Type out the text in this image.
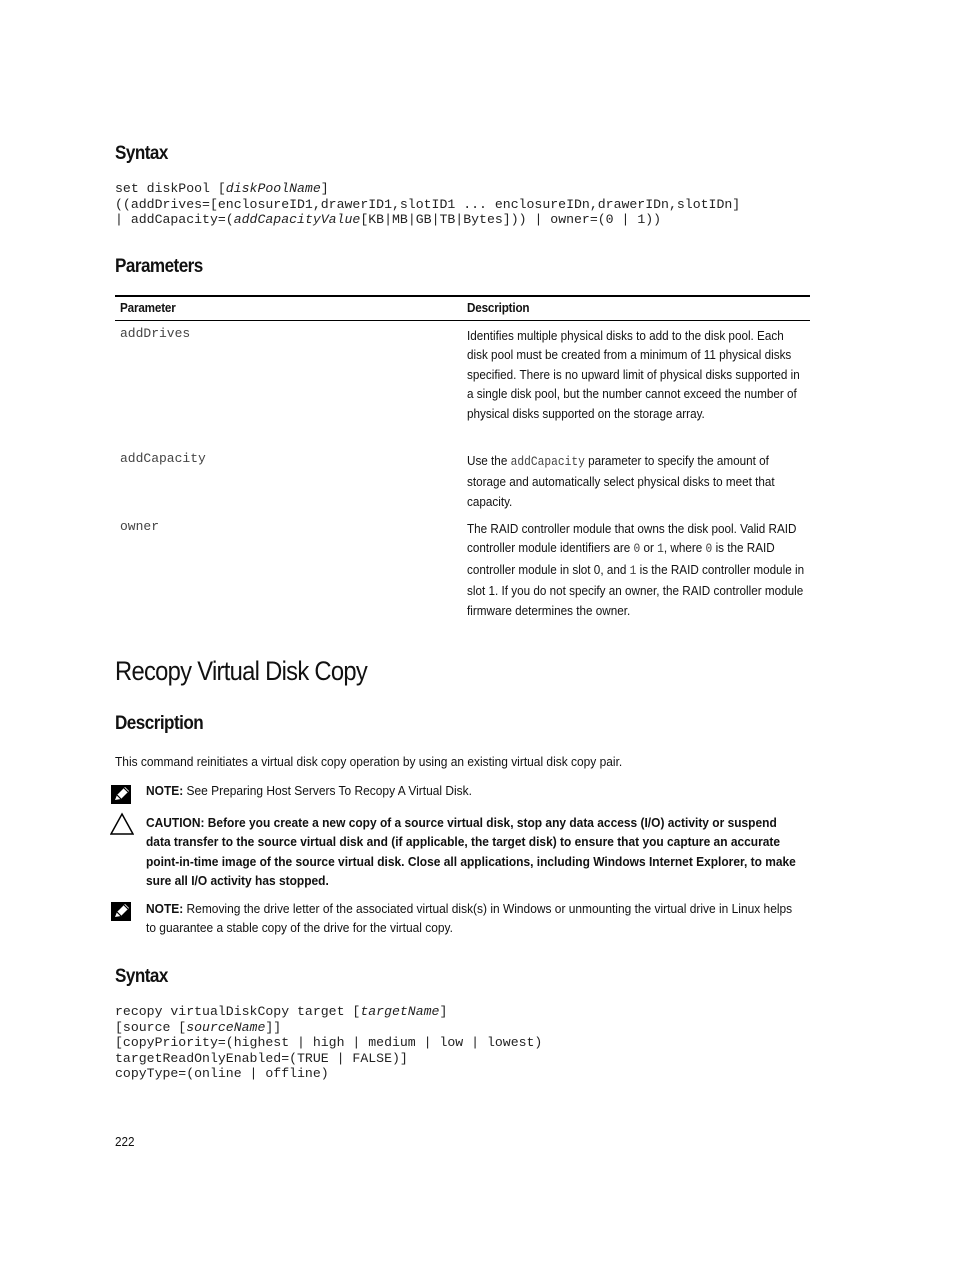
Syntax
set diskPool [diskPoolName]
((addDrives=[enclosureID1,drawerID1,slotID1 ... enclosureIDn,drawerIDn,slotIDn]
| addCapacity=(addCapacityValue[KB|MB|GB|TB|Bytes])) | owner=(0 | 1))
Parameters
Parameter	Description
addDrives	Identifies multiple physical disks to add to the disk pool. Each disk pool must be created from a minimum of 11 physical disks specified. There is no upward limit of physical disks supported in a single disk pool, but the number cannot exceed the number of physical disks supported on the storage array.
addCapacity	Use the addCapacity parameter to specify the amount of storage and automatically select physical disks to meet that capacity.
owner	The RAID controller module that owns the disk pool. Valid RAID controller module identifiers are 0 or 1, where 0 is the RAID controller module in slot 0, and 1 is the RAID controller module in slot 1. If you do not specify an owner, the RAID controller module firmware determines the owner.
Recopy Virtual Disk Copy
Description
This command reinitiates a virtual disk copy operation by using an existing virtual disk copy pair.
NOTE: See Preparing Host Servers To Recopy A Virtual Disk.
CAUTION: Before you create a new copy of a source virtual disk, stop any data access (I/O) activity or suspend data transfer to the source virtual disk and (if applicable, the target disk) to ensure that you capture an accurate point-in-time image of the source virtual disk. Close all applications, including Windows Internet Explorer, to make sure all I/O activity has stopped.
NOTE: Removing the drive letter of the associated virtual disk(s) in Windows or unmounting the virtual drive in Linux helps to guarantee a stable copy of the drive for the virtual copy.
Syntax
recopy virtualDiskCopy target [targetName]
[source [sourceName]]
[copyPriority=(highest | high | medium | low | lowest)
targetReadOnlyEnabled=(TRUE | FALSE)]
copyType=(online | offline)
222
